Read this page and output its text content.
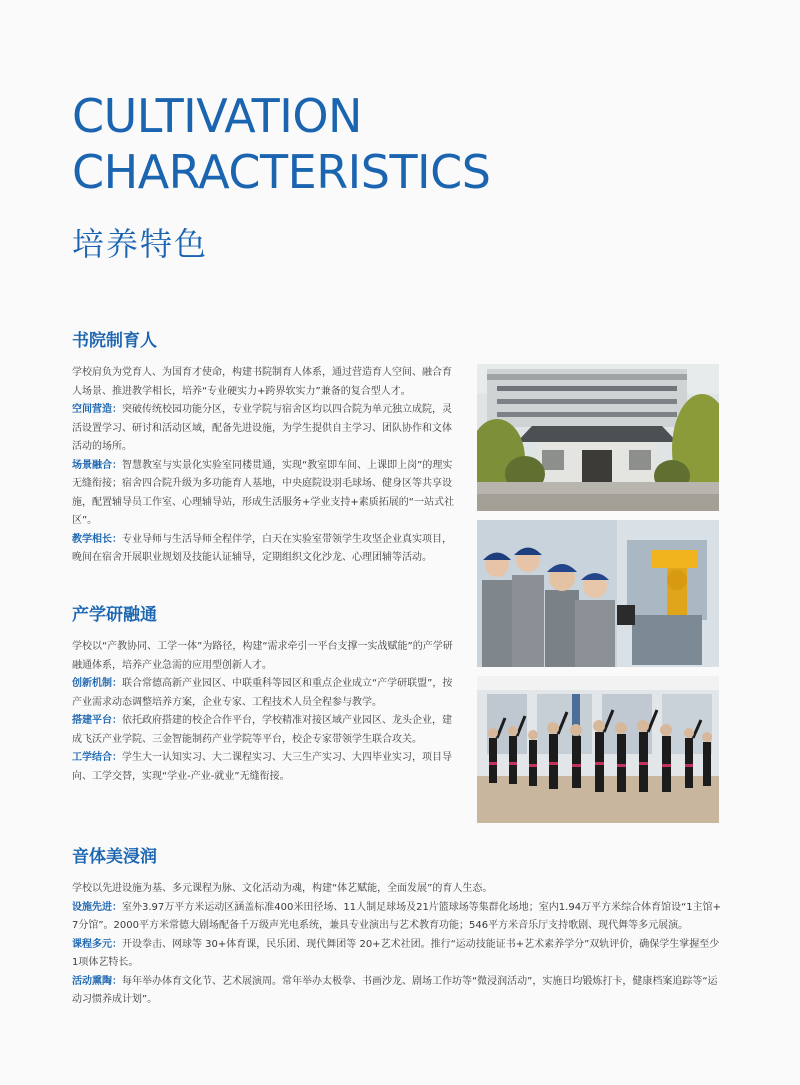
CULTIVATION
CHARACTERISTICS
培养特色
书院制育人

学校肩负为党育人、为国育才使命，构建书院制育人体系，通过营造育人空间、融合育人场景、推进教学相长，培养“专业硬实力+跨界软实力”兼备的复合型人才。
空间营造：突破传统校园功能分区，专业学院与宿舍区均以四合院为单元独立成院，灵活设置学习、研讨和活动区域，配备先进设施，为学生提供自主学习、团队协作和文体活动的场所。
场景融合：智慧教室与实景化实验室同楼贯通，实现“教室即车间、上课即上岗”的理实无缝衔接；宿舍四合院升级为多功能育人基地，中央庭院设羽毛球场、健身区等共享设施，配置辅导员工作室、心理辅导站，形成生活服务+学业支持+素质拓展的“一站式社区”。
教学相长：专业导师与生活导师全程伴学，白天在实验室带领学生攻坚企业真实项目，晚间在宿舍开展职业规划及技能认证辅导，定期组织文化沙龙、心理团辅等活动。

产学研融通

学校以“产教协同、工学一体”为路径，构建“需求牵引一平台支撑一实战赋能”的产学研融通体系，培养产业急需的应用型创新人才。
创新机制：联合常德高新产业园区、中联重科等园区和重点企业成立“产学研联盟”，按产业需求动态调整培养方案，企业专家、工程技术人员全程参与教学。
搭建平台：依托政府搭建的校企合作平台，学校精准对接区域产业园区、龙头企业，建成飞沃产业学院、三金智能制药产业学院等平台，校企专家带领学生联合攻关。
工学结合：学生大一认知实习、大二课程实习、大三生产实习、大四毕业实习，项目导向、工学交替，实现“学业-产业-就业”无缝衔接。

音体美浸润

学校以先进设施为基、多元课程为脉、文化活动为魂，构建“体艺赋能，全面发展”的育人生态。
设施先进：室外3.97万平方米运动区涵盖标准400米田径场、11人制足球场及21片篮球场等集群化场地；室内1.94万平方米综合体育馆设“1主馆+7分馆”。2000平方米常德大剧场配备千万级声光电系统，兼具专业演出与艺术教育功能；546平方米音乐厅支持歌剧、现代舞等多元展演。
课程多元：开设拳击、网球等 30+体育课，民乐团、现代舞团等 20+艺术社团。推行“运动技能证书+艺术素养学分”双轨评价，确保学生掌握至少1项体艺特长。
活动熏陶：每年举办体育文化节、艺术展演周。常年举办太极拳、书画沙龙、剧场工作坊等“微浸润活动”，实施日均锻炼打卡，健康档案追踪等“运动习惯养成计划”。
